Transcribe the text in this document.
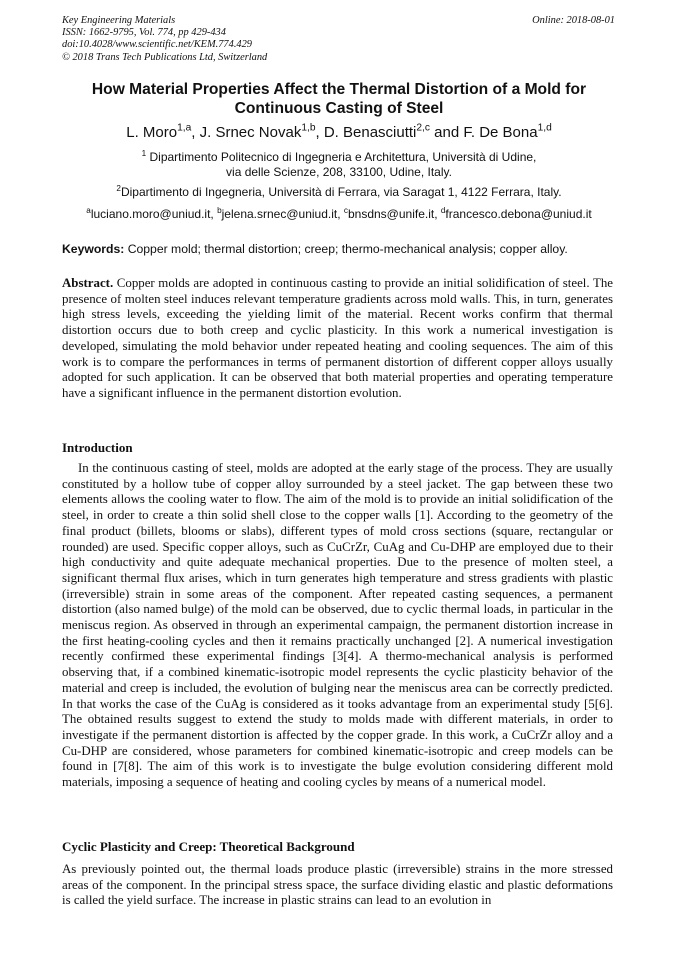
Key Engineering Materials
ISSN: 1662-9795, Vol. 774, pp 429-434
doi:10.4028/www.scientific.net/KEM.774.429
© 2018 Trans Tech Publications Ltd, Switzerland
Online: 2018-08-01
How Material Properties Affect the Thermal Distortion of a Mold for
Continuous Casting of Steel
L. Moro$^{1,a}$, J. Srnec Novak$^{1,b}$, D. Benasciutti$^{2,c}$ and F. De Bona$^{1,d}$
$^1$ Dipartimento Politecnico di Ingegneria e Architettura, Università di Udine,
via delle Scienze, 208, 33100, Udine, Italy.
$^2$Dipartimento di Ingegneria, Università di Ferrara, via Saragat 1, 4122 Ferrara, Italy.
$^a$luciano.moro@uniud.it, $^b$jelena.srnec@uniud.it, $^c$bnsdns@unife.it, $^d$francesco.debona@uniud.it
Keywords: Copper mold; thermal distortion; creep; thermo-mechanical analysis; copper alloy.

Abstract. Copper molds are adopted in continuous casting to provide an initial solidification of steel. The presence of molten steel induces relevant temperature gradients across mold walls. This, in turn, generates high stress levels, exceeding the yielding limit of the material. Recent works confirm that thermal distortion occurs due to both creep and cyclic plasticity. In this work a numerical investigation is developed, simulating the mold behavior under repeated heating and cooling sequences. The aim of this work is to compare the performances in terms of permanent distortion of different copper alloys usually adopted for such application. It can be observed that both material properties and operating temperature have a significant influence in the permanent distortion evolution.

Introduction

In the continuous casting of steel, molds are adopted at the early stage of the process. They are usually constituted by a hollow tube of copper alloy surrounded by a steel jacket. The gap between these two elements allows the cooling water to flow. The aim of the mold is to provide an initial solidification of the steel, in order to create a thin solid shell close to the copper walls [1]. According to the geometry of the final product (billets, blooms or slabs), different types of mold cross sections (square, rectangular or rounded) are used. Specific copper alloys, such as CuCrZr, CuAg and Cu-DHP are employed due to their high conductivity and quite adequate mechanical properties. Due to the presence of molten steel, a significant thermal flux arises, which in turn generates high temperature and stress gradients with plastic (irreversible) strain in some areas of the component. After repeated casting sequences, a permanent distortion (also named bulge) of the mold can be observed, due to cyclic thermal loads, in particular in the meniscus region. As observed in through an experimental campaign, the permanent distortion increase in the first heating-cooling cycles and then it remains practically unchanged [2]. A numerical investigation recently confirmed these experimental findings [3[4]. A thermo-mechanical analysis is performed observing that, if a combined kinematic-isotropic model represents the cyclic plasticity behavior of the material and creep is included, the evolution of bulging near the meniscus area can be correctly predicted. In that works the case of the CuAg is considered as it tooks advantage from an experimental study [5[6]. The obtained results suggest to extend the study to molds made with different materials, in order to investigate if the permanent distortion is affected by the copper grade. In this work, a CuCrZr alloy and a Cu-DHP are considered, whose parameters for combined kinematic-isotropic and creep models can be found in [7[8]. The aim of this work is to investigate the bulge evolution considering different mold materials, imposing a sequence of heating and cooling cycles by means of a numerical model.

Cyclic Plasticity and Creep: Theoretical Background

As previously pointed out, the thermal loads produce plastic (irreversible) strains in the more stressed areas of the component. In the principal stress space, the surface dividing elastic and plastic deformations is called the yield surface. The increase in plastic strains can lead to an evolution in
